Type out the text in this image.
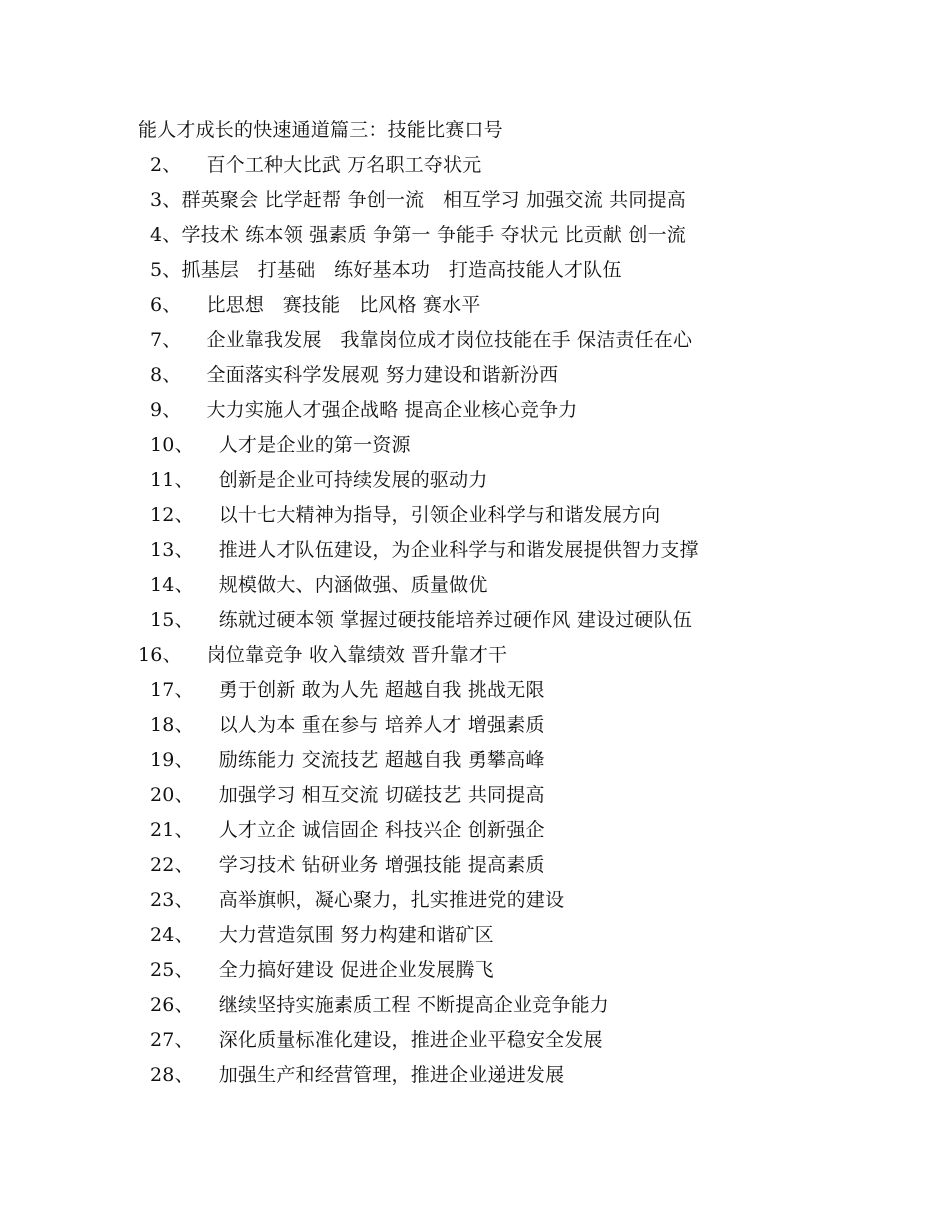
能人才成长的快速通道篇三：技能比赛口号
2、    百个工种大比武 万名职工夺状元
3、群英聚会 比学赶帮 争创一流   相互学习 加强交流 共同提高
4、学技术 练本领 强素质 争第一 争能手 夺状元 比贡献 创一流
5、抓基层   打基础   练好基本功   打造高技能人才队伍
6、    比思想   赛技能   比风格 赛水平
7、    企业靠我发展   我靠岗位成才岗位技能在手 保洁责任在心
8、    全面落实科学发展观 努力建设和谐新汾西
9、    大力实施人才强企战略 提高企业核心竞争力
10、    人才是企业的第一资源
11、    创新是企业可持续发展的驱动力
12、    以十七大精神为指导，引领企业科学与和谐发展方向
13、    推进人才队伍建设，为企业科学与和谐发展提供智力支撑
14、    规模做大、内涵做强、质量做优
15、    练就过硬本领 掌握过硬技能培养过硬作风 建设过硬队伍
16、    岗位靠竞争 收入靠绩效 晋升靠才干
17、    勇于创新 敢为人先 超越自我 挑战无限
18、    以人为本 重在参与 培养人才 增强素质
19、    励练能力 交流技艺 超越自我 勇攀高峰
20、    加强学习 相互交流 切磋技艺 共同提高
21、    人才立企 诚信固企 科技兴企 创新强企
22、    学习技术 钻研业务 增强技能 提高素质
23、    高举旗帜，凝心聚力，扎实推进党的建设
24、    大力营造氛围 努力构建和谐矿区
25、    全力搞好建设 促进企业发展腾飞
26、    继续坚持实施素质工程 不断提高企业竞争能力
27、    深化质量标准化建设，推进企业平稳安全发展
28、    加强生产和经营管理，推进企业递进发展
